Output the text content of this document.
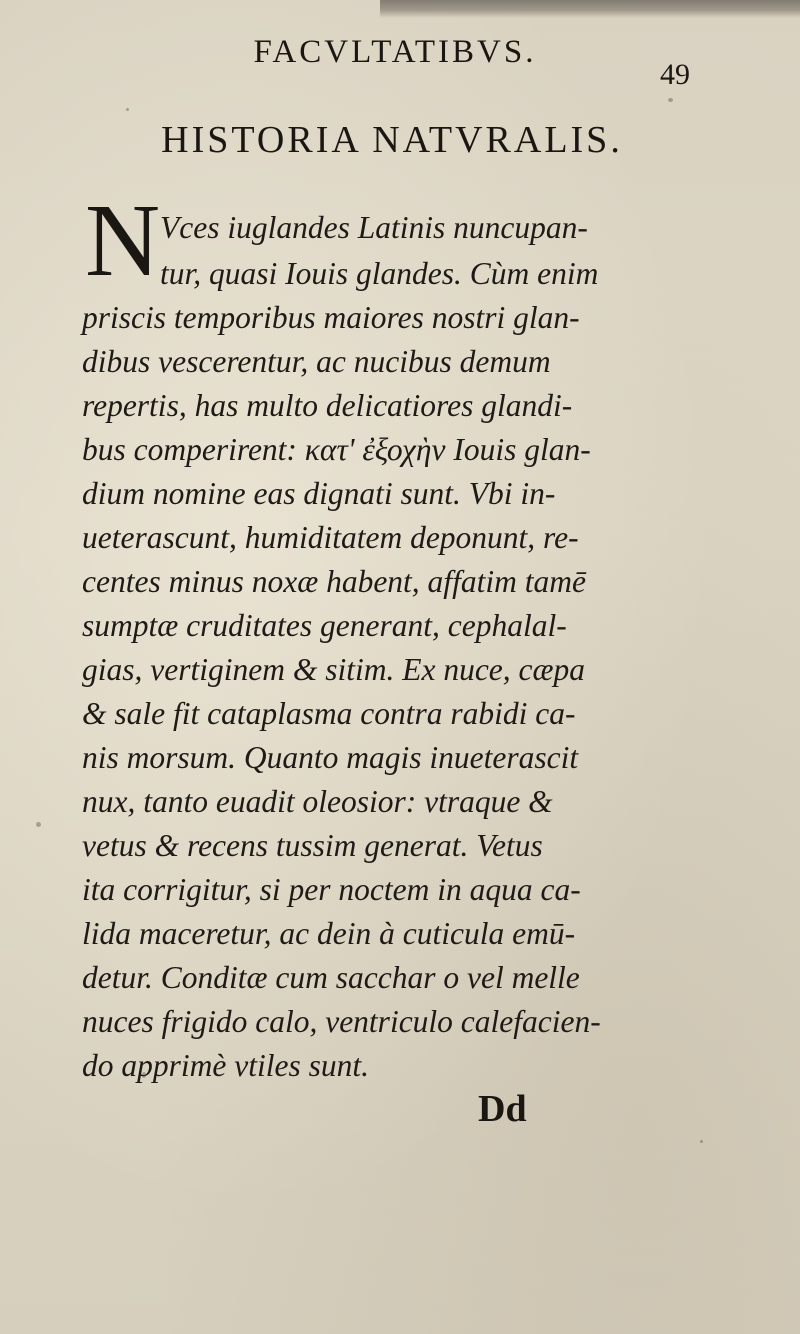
FACVLTATIBVS.
49
HISTORIA NATVRALIS.
N Vces iuglandes Latinis nuncupan-
tur, quasi Iouis glandes. Cùm enim
priscis temporibus maiores nostri glan-
dibus vescerentur, ac nucibus demum
repertis, has multo delicatiores glandi-
bus comperirent: κατ' ἐξοχὴν Iouis glan-
dium nomine eas dignati sunt. Vbi in-
ueterascunt, humiditatem deponunt, re-
centes minus noxæ habent, affatim tamē
sumptæ cruditates generant, cephalal-
gias, vertiginem & sitim. Ex nuce, cæpa
& sale fit cataplasma contra rabidi ca-
nis morsum. Quanto magis inueterascit
nux, tanto euadit oleosior: vtraque &
vetus & recens tussim generat. Vetus
ita corrigitur, si per noctem in aqua ca-
lida maceretur, ac dein à cuticula emū-
detur. Conditæ cum sacchar o vel melle
nuces frigido calo, ventriculo calefacien-
do apprimè vtiles sunt.
Dd
